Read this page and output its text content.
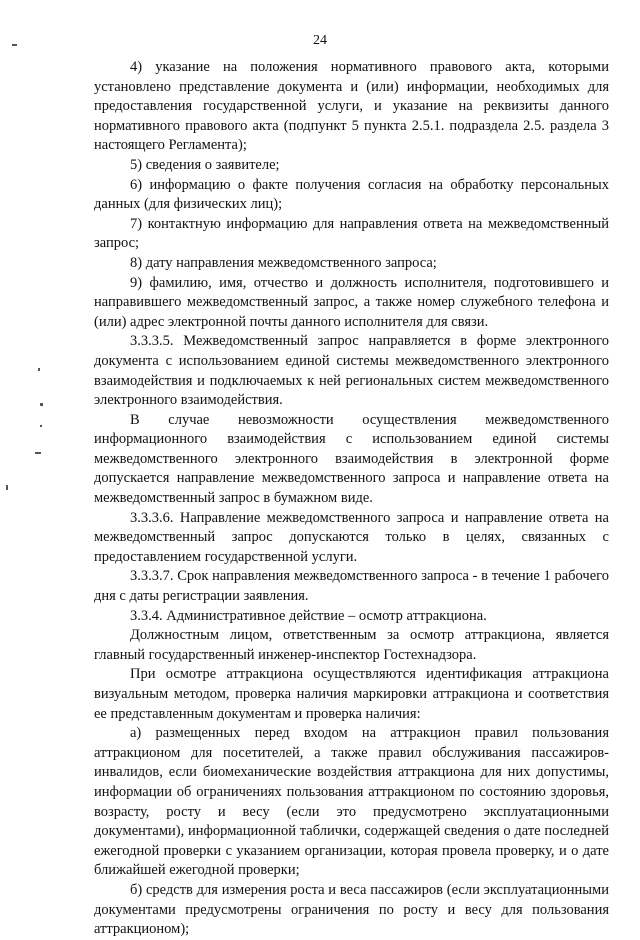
24

4) указание на положения нормативного правового акта, которыми установлено представление документа и (или) информации, необходимых для предоставления государственной услуги, и указание на реквизиты данного нормативного правового акта (подпункт 5 пункта 2.5.1. подраздела 2.5. раздела 3 настоящего Регламента);

5) сведения о заявителе;

6) информацию о факте получения согласия на обработку персональных данных (для физических лиц);

7) контактную информацию для направления ответа на межведомственный запрос;

8) дату направления межведомственного запроса;

9) фамилию, имя, отчество и должность исполнителя, подготовившего и направившего межведомственный запрос, а также номер служебного телефона и (или) адрес электронной почты данного исполнителя для связи.

3.3.3.5. Межведомственный запрос направляется в форме электронного документа с использованием единой системы межведомственного электронного взаимодействия и подключаемых к ней региональных систем межведомственного электронного взаимодействия.

В случае невозможности осуществления межведомственного информационного взаимодействия с использованием единой системы межведомственного электронного взаимодействия в электронной форме допускается направление межведомственного запроса и направление ответа на межведомственный запрос в бумажном виде.

3.3.3.6. Направление межведомственного запроса и направление ответа на межведомственный запрос допускаются только в целях, связанных с предоставлением государственной услуги.

3.3.3.7. Срок направления межведомственного запроса - в течение 1 рабочего дня с даты регистрации заявления.

3.3.4. Административное действие – осмотр аттракциона.

Должностным лицом, ответственным за осмотр аттракциона, является главный государственный инженер-инспектор Гостехнадзора.

При осмотре аттракциона осуществляются идентификация аттракциона визуальным методом, проверка наличия маркировки аттракциона и соответствия ее представленным документам и проверка наличия:

а) размещенных перед входом на аттракцион правил пользования аттракционом для посетителей, а также правил обслуживания пассажиров-инвалидов, если биомеханические воздействия аттракциона для них допустимы, информации об ограничениях пользования аттракционом по состоянию здоровья, возрасту, росту и весу (если это предусмотрено эксплуатационными документами), информационной таблички, содержащей сведения о дате последней ежегодной проверки с указанием организации, которая провела проверку, и о дате ближайшей ежегодной проверки;

б) средств для измерения роста и веса пассажиров (если эксплуатационными документами предусмотрены ограничения по росту и весу для пользования аттракционом);
